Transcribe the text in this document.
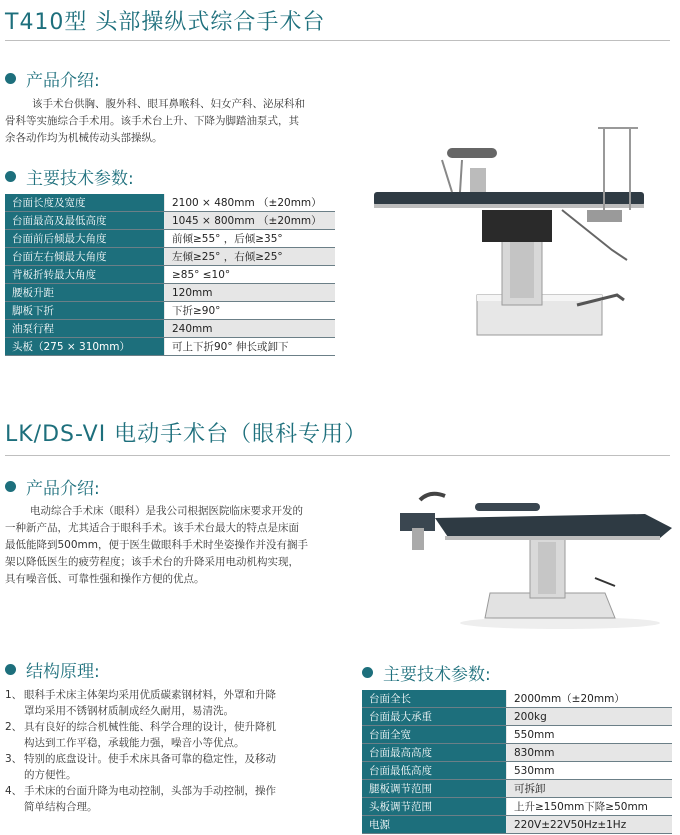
T410型 头部操纵式综合手术台
产品介绍:

该手术台供胸、腹外科、眼耳鼻喉科、妇女产科、泌尿科和

骨科等实施综合手术用。该手术台上升、下降为脚踏油泵式，其

余各动作均为机械传动头部操纵。

主要技术参数:
台面长度及宽度	2100 × 480mm （±20mm）
台面最高及最低高度	1045 × 800mm （±20mm）
台面前后倾最大角度	前倾≥55° ，后倾≥35°
台面左右倾最大角度	左倾≥25° ，右倾≥25°
背板折转最大角度	≥85° ≤10°
腰板升距	120mm
脚板下折	下折≥90°
油泵行程	240mm
头板（275 × 310mm）	可上下折90° 伸长或卸下
LK/DS-VI 电动手术台（眼科专用）
产品介绍:

电动综合手术床（眼科）是我公司根据医院临床要求开发的

一种新产品，尤其适合于眼科手术。该手术台最大的特点是床面

最低能降到500mm，便于医生做眼科手术时坐姿操作并没有搁手

架以降低医生的疲劳程度；该手术台的升降采用电动机构实现，

具有噪音低、可靠性强和操作方便的优点。

结构原理:
1、 眼科手术床主体架均采用优质碳素钢材料，外罩和升降
罩均采用不锈钢材质制成经久耐用，易清洗。
2、 具有良好的综合机械性能、科学合理的设计，使升降机
构达到工作平稳，承载能力强，噪音小等优点。
3、 特别的底盘设计。使手术床具备可靠的稳定性，及移动
的方便性。
4、 手术床的台面升降为电动控制，头部为手动控制，操作
简单结构合理。
主要技术参数:
台面全长	2000mm（±20mm）
台面最大承重	200kg
台面全宽	550mm
台面最高高度	830mm
台面最低高度	530mm
腿板调节范围	可拆卸
头板调节范围	上升≥150mm下降≥50mm
电源	220V±22V50Hz±1Hz
